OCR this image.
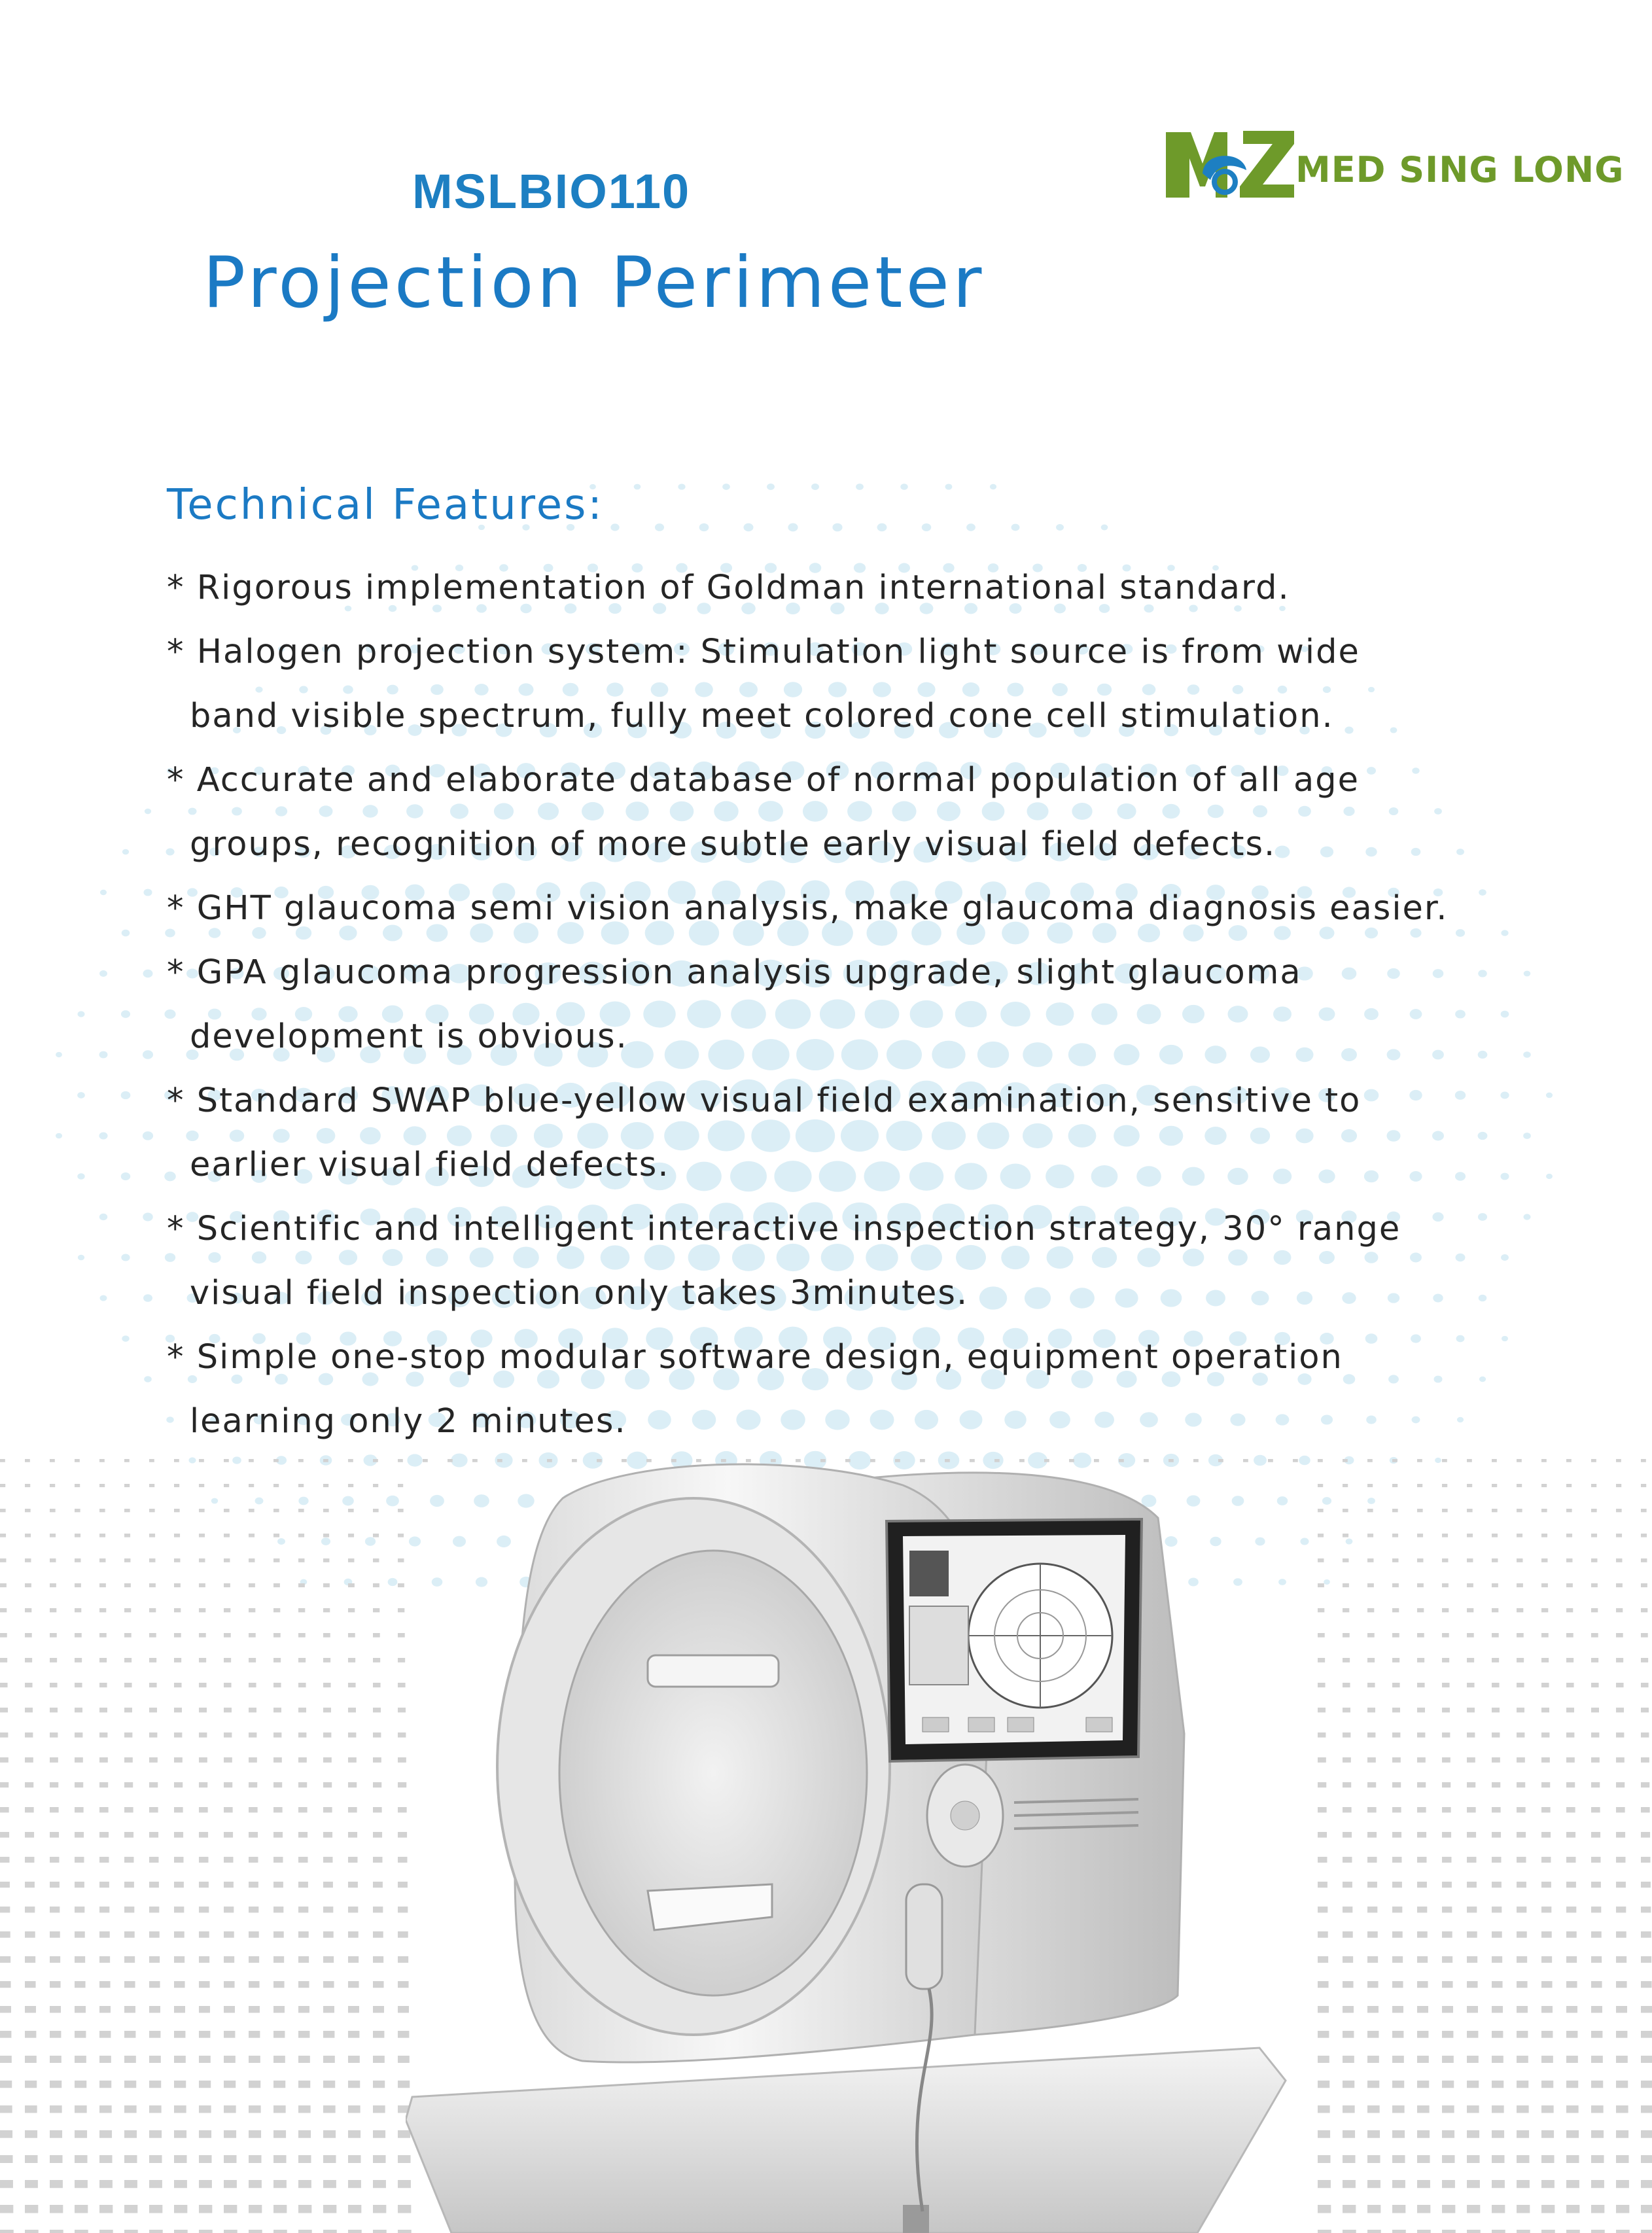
MSLBIO110
Projection Perimeter
MED SING LONG
Technical Features:
* Rigorous implementation of Goldman international standard.
* Halogen projection system: Stimulation light source is from wide
band visible spectrum, fully meet colored cone cell stimulation.
* Accurate and elaborate database of normal population of all age
groups, recognition of more subtle early visual field defects.
* GHT glaucoma semi vision analysis, make glaucoma diagnosis easier.
* GPA glaucoma progression analysis upgrade, slight glaucoma
development is obvious.
* Standard SWAP blue-yellow visual field examination, sensitive to
earlier visual field defects.
* Scientific and intelligent interactive inspection strategy, 30° range
visual field inspection only takes 3minutes.
* Simple one-stop modular software design, equipment operation
learning only 2 minutes.
